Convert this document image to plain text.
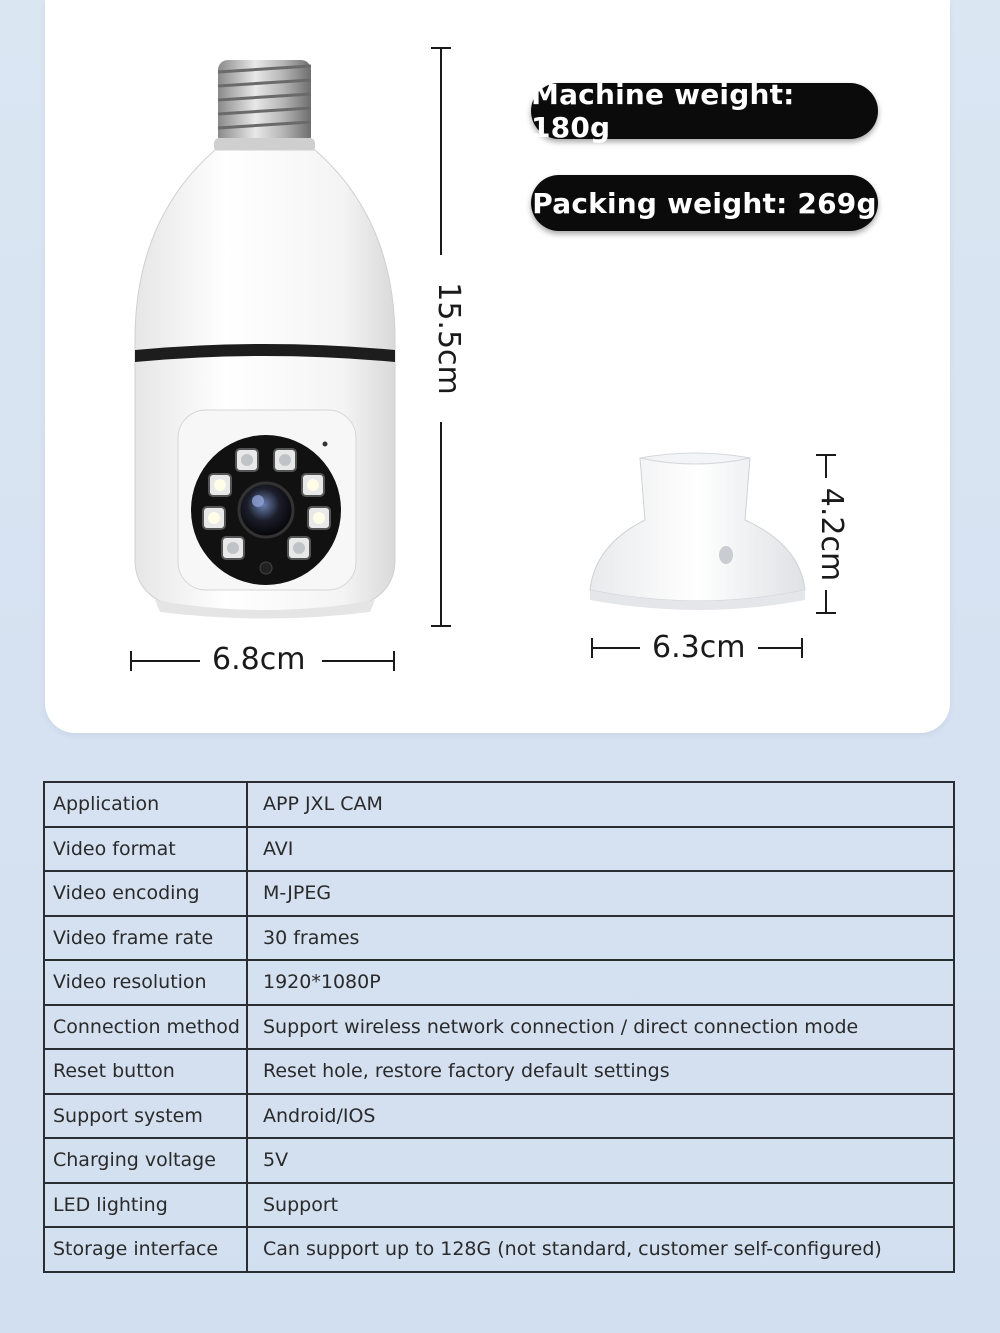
Machine weight: 180g
Packing weight: 269g
6.8cm
15.5cm
6.3cm
4.2cm
Application	APP JXL CAM
Video format	AVI
Video encoding	M-JPEG
Video frame rate	30 frames
Video resolution	1920*1080P
Connection method	Support wireless network connection / direct connection mode
Reset button	Reset hole, restore factory default settings
Support system	Android/IOS
Charging voltage	5V
LED lighting	Support
Storage interface	Can support up to 128G (not standard, customer self-configured)
